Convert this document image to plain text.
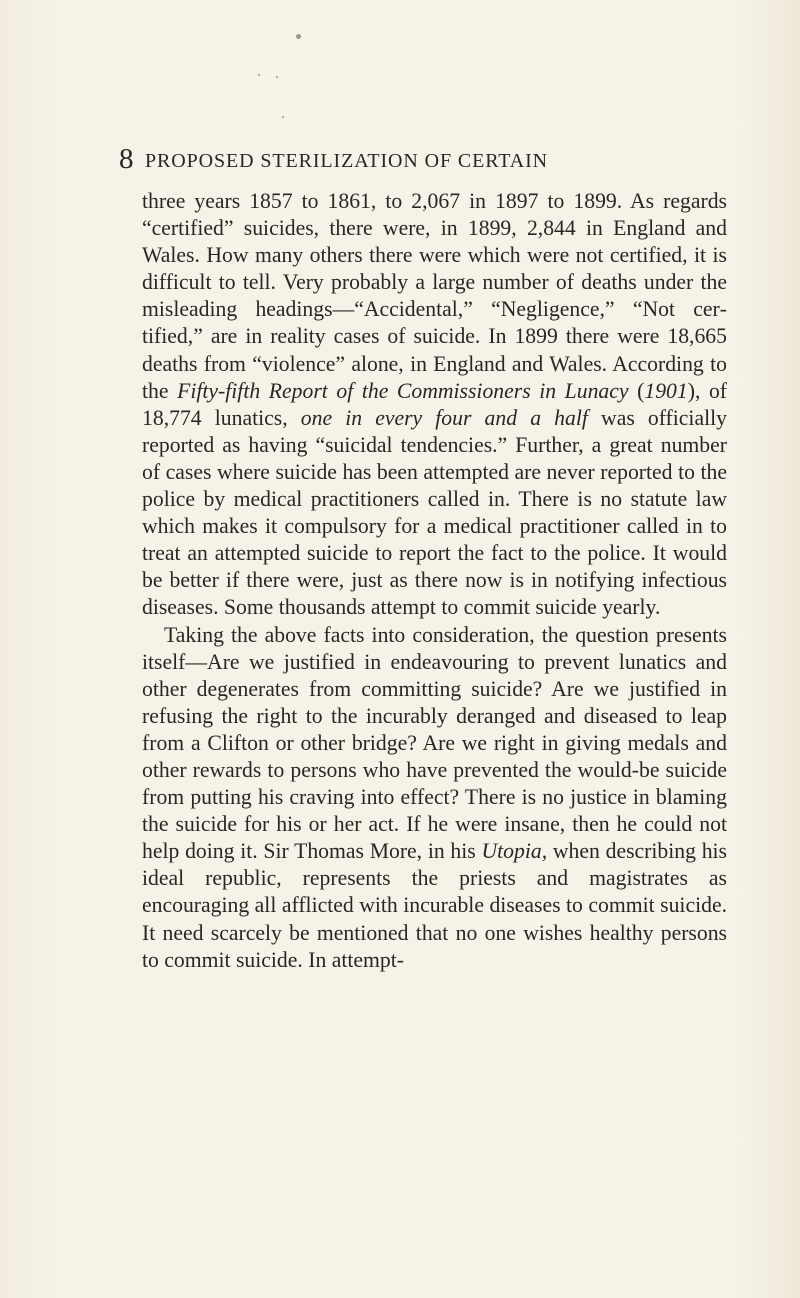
8 PROPOSED STERILIZATION OF CERTAIN

three years 1857 to 1861, to 2,067 in 1897 to 1899. As regards “certified” suicides, there were, in 1899, 2,844 in England and Wales. How many others there were which were not certified, it is difficult to tell. Very probably a large number of deaths under the misleading headings—“Accidental,” “Negligence,” “Not certified,” are in reality cases of suicide. In 1899 there were 18,665 deaths from “violence” alone, in England and Wales. According to the Fifty-fifth Report of the Commissioners in Lunacy (1901), of 18,774 lunatics, one in every four and a half was officially reported as having “suicidal tendencies.” Further, a great number of cases where suicide has been attempted are never reported to the police by medical practitioners called in. There is no statute law which makes it compulsory for a medical practitioner called in to treat an attempted suicide to report the fact to the police. It would be better if there were, just as there now is in notifying infectious diseases. Some thousands attempt to commit suicide yearly.

Taking the above facts into consideration, the question presents itself—Are we justified in endeavouring to prevent lunatics and other degenerates from committing suicide? Are we justified in refusing the right to the incurably deranged and diseased to leap from a Clifton or other bridge? Are we right in giving medals and other rewards to persons who have prevented the would-be suicide from putting his craving into effect? There is no justice in blaming the suicide for his or her act. If he were insane, then he could not help doing it. Sir Thomas More, in his Utopia, when describing his ideal republic, represents the priests and magistrates as encouraging all afflicted with incurable diseases to commit suicide. It need scarcely be mentioned that no one wishes healthy persons to commit suicide. In attempt-
